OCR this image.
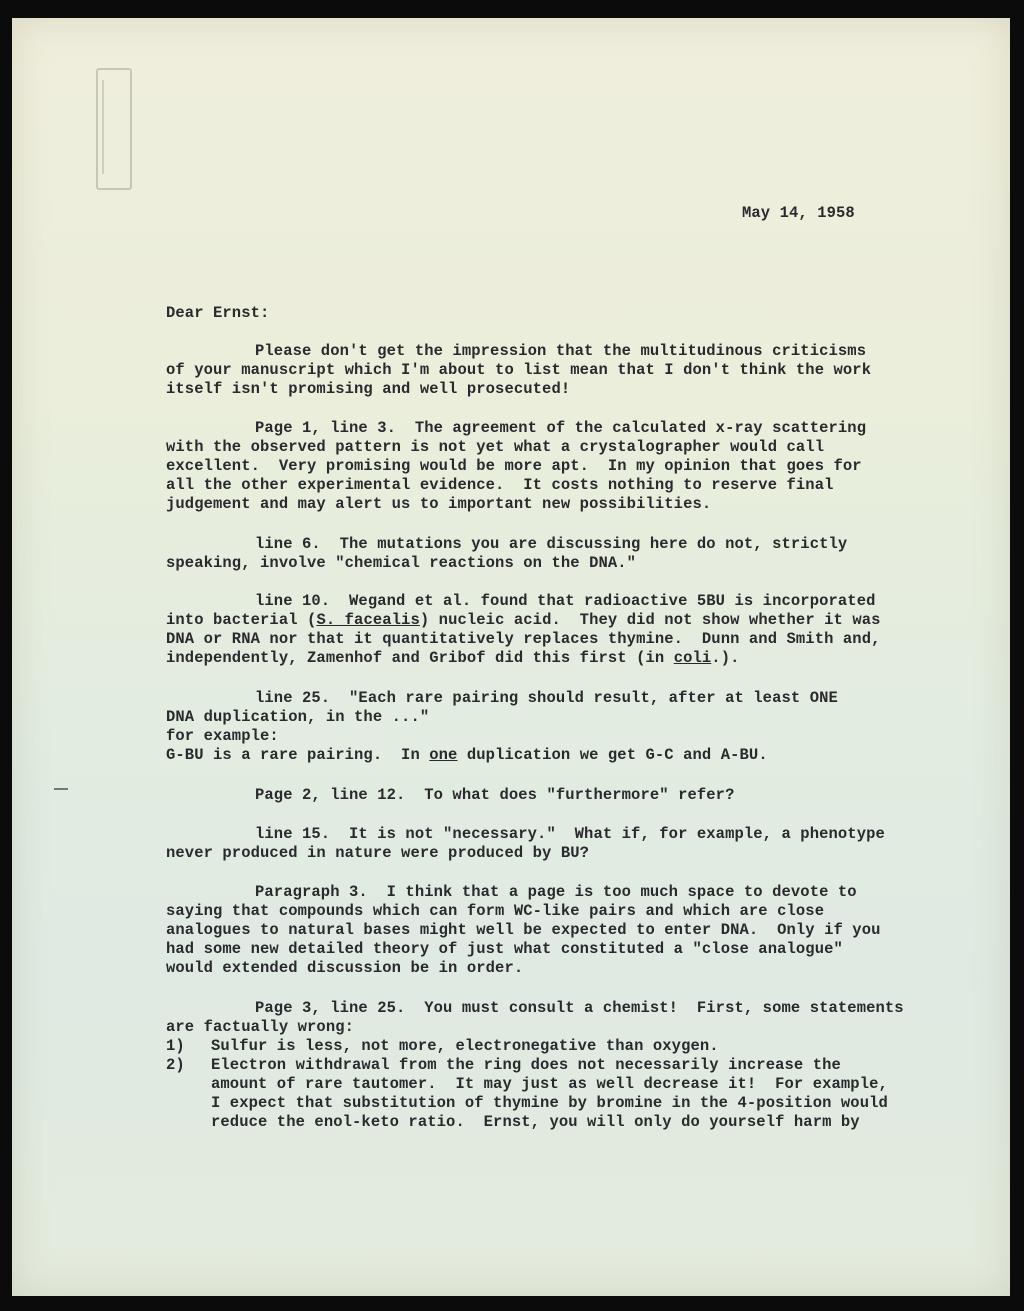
May 14, 1958
Dear Ernst:
Please don't get the impression that the multitudinous criticisms
of your manuscript which I'm about to list mean that I don't think the work
itself isn't promising and well prosecuted!
Page 1, line 3.  The agreement of the calculated x-ray scattering
with the observed pattern is not yet what a crystalographer would call
excellent.  Very promising would be more apt.  In my opinion that goes for
all the other experimental evidence.  It costs nothing to reserve final
judgement and may alert us to important new possibilities.
line 6.  The mutations you are discussing here do not, strictly
speaking, involve "chemical reactions on the DNA."
line 10.  Wegand et al. found that radioactive 5BU is incorporated
into bacterial (S. facealis) nucleic acid.  They did not show whether it was
DNA or RNA nor that it quantitatively replaces thymine.  Dunn and Smith and,
independently, Zamenhof and Gribof did this first (in coli.).
line 25.  "Each rare pairing should result, after at least ONE
DNA duplication, in the ..."
for example:
G-BU is a rare pairing.  In one duplication we get G-C and A-BU.
Page 2, line 12.  To what does "furthermore" refer?
line 15.  It is not "necessary."  What if, for example, a phenotype
never produced in nature were produced by BU?
Paragraph 3.  I think that a page is too much space to devote to
saying that compounds which can form WC-like pairs and which are close
analogues to natural bases might well be expected to enter DNA.  Only if you
had some new detailed theory of just what constituted a "close analogue"
would extended discussion be in order.
Page 3, line 25.  You must consult a chemist!  First, some statements
are factually wrong:
1) Sulfur is less, not more, electronegative than oxygen.
2) Electron withdrawal from the ring does not necessarily increase the
amount of rare tautomer.  It may just as well decrease it!  For example,
I expect that substitution of thymine by bromine in the 4-position would
reduce the enol-keto ratio.  Ernst, you will only do yourself harm by
